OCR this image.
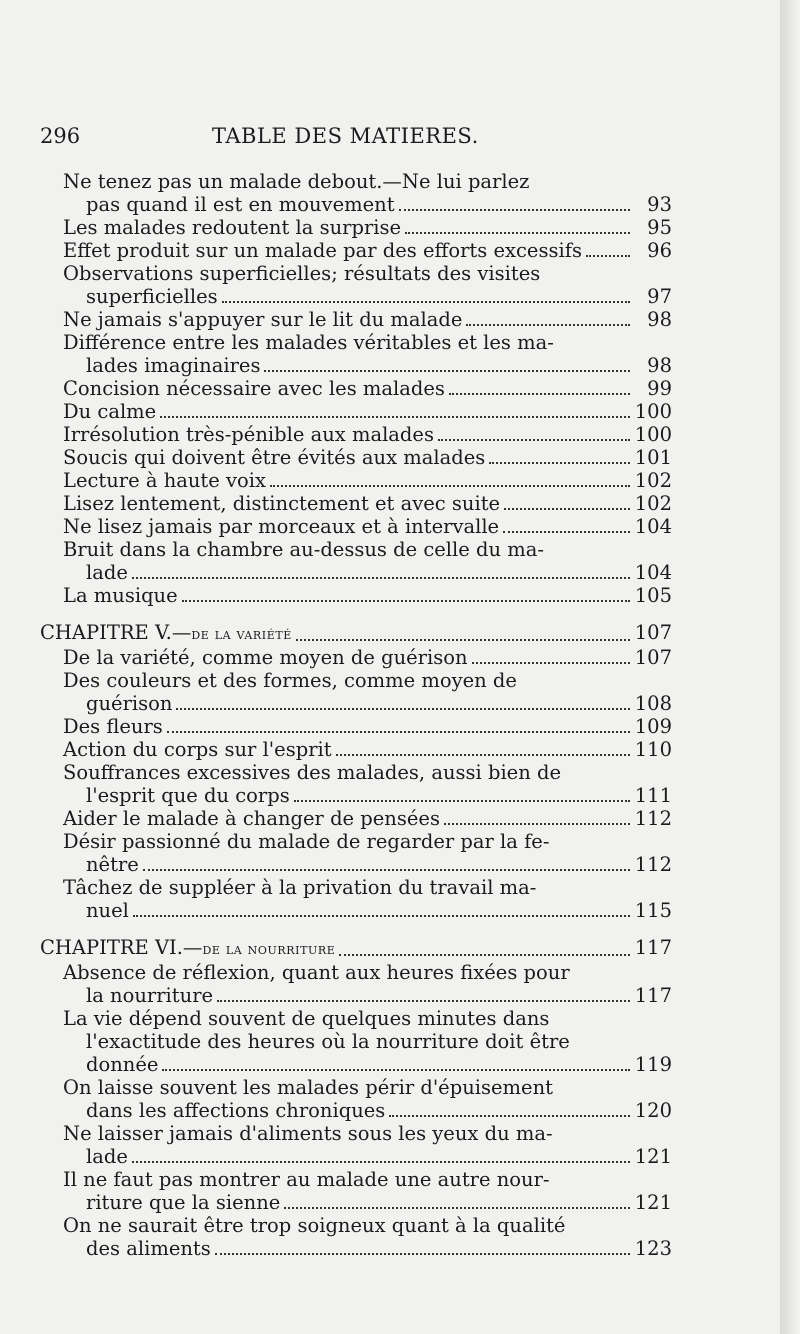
296	TABLE DES MATIERES.
Ne tenez pas un malade debout.—Ne lui parlez
pas quand il est en mouvement	93
Les malades redoutent la surprise	95
Effet produit sur un malade par des efforts excessifs	96
Observations superficielles; résultats des visites
superficielles	97
Ne jamais s'appuyer sur le lit du malade	98
Différence entre les malades véritables et les ma-
lades imaginaires	98
Concision nécessaire avec les malades	99
Du calme	100
Irrésolution très-pénible aux malades	100
Soucis qui doivent être évités aux malades	101
Lecture à haute voix	102
Lisez lentement, distinctement et avec suite	102
Ne lisez jamais par morceaux et à intervalle	104
Bruit dans la chambre au-dessus de celle du ma-
lade	104
La musique	105
CHAPITRE V.— de la variété	107
De la variété, comme moyen de guérison	107
Des couleurs et des formes, comme moyen de
guérison	108
Des fleurs	109
Action du corps sur l'esprit	110
Souffrances excessives des malades, aussi bien de
l'esprit que du corps	111
Aider le malade à changer de pensées	112
Désir passionné du malade de regarder par la fe-
nêtre	112
Tâchez de suppléer à la privation du travail ma-
nuel	115
CHAPITRE VI.— de la nourriture	117
Absence de réflexion, quant aux heures fixées pour
la nourriture	117
La vie dépend souvent de quelques minutes dans
l'exactitude des heures où la nourriture doit être
donnée	119
On laisse souvent les malades périr d'épuisement
dans les affections chroniques	120
Ne laisser jamais d'aliments sous les yeux du ma-
lade	121
Il ne faut pas montrer au malade une autre nour-
riture que la sienne	121
On ne saurait être trop soigneux quant à la qualité
des aliments	123
